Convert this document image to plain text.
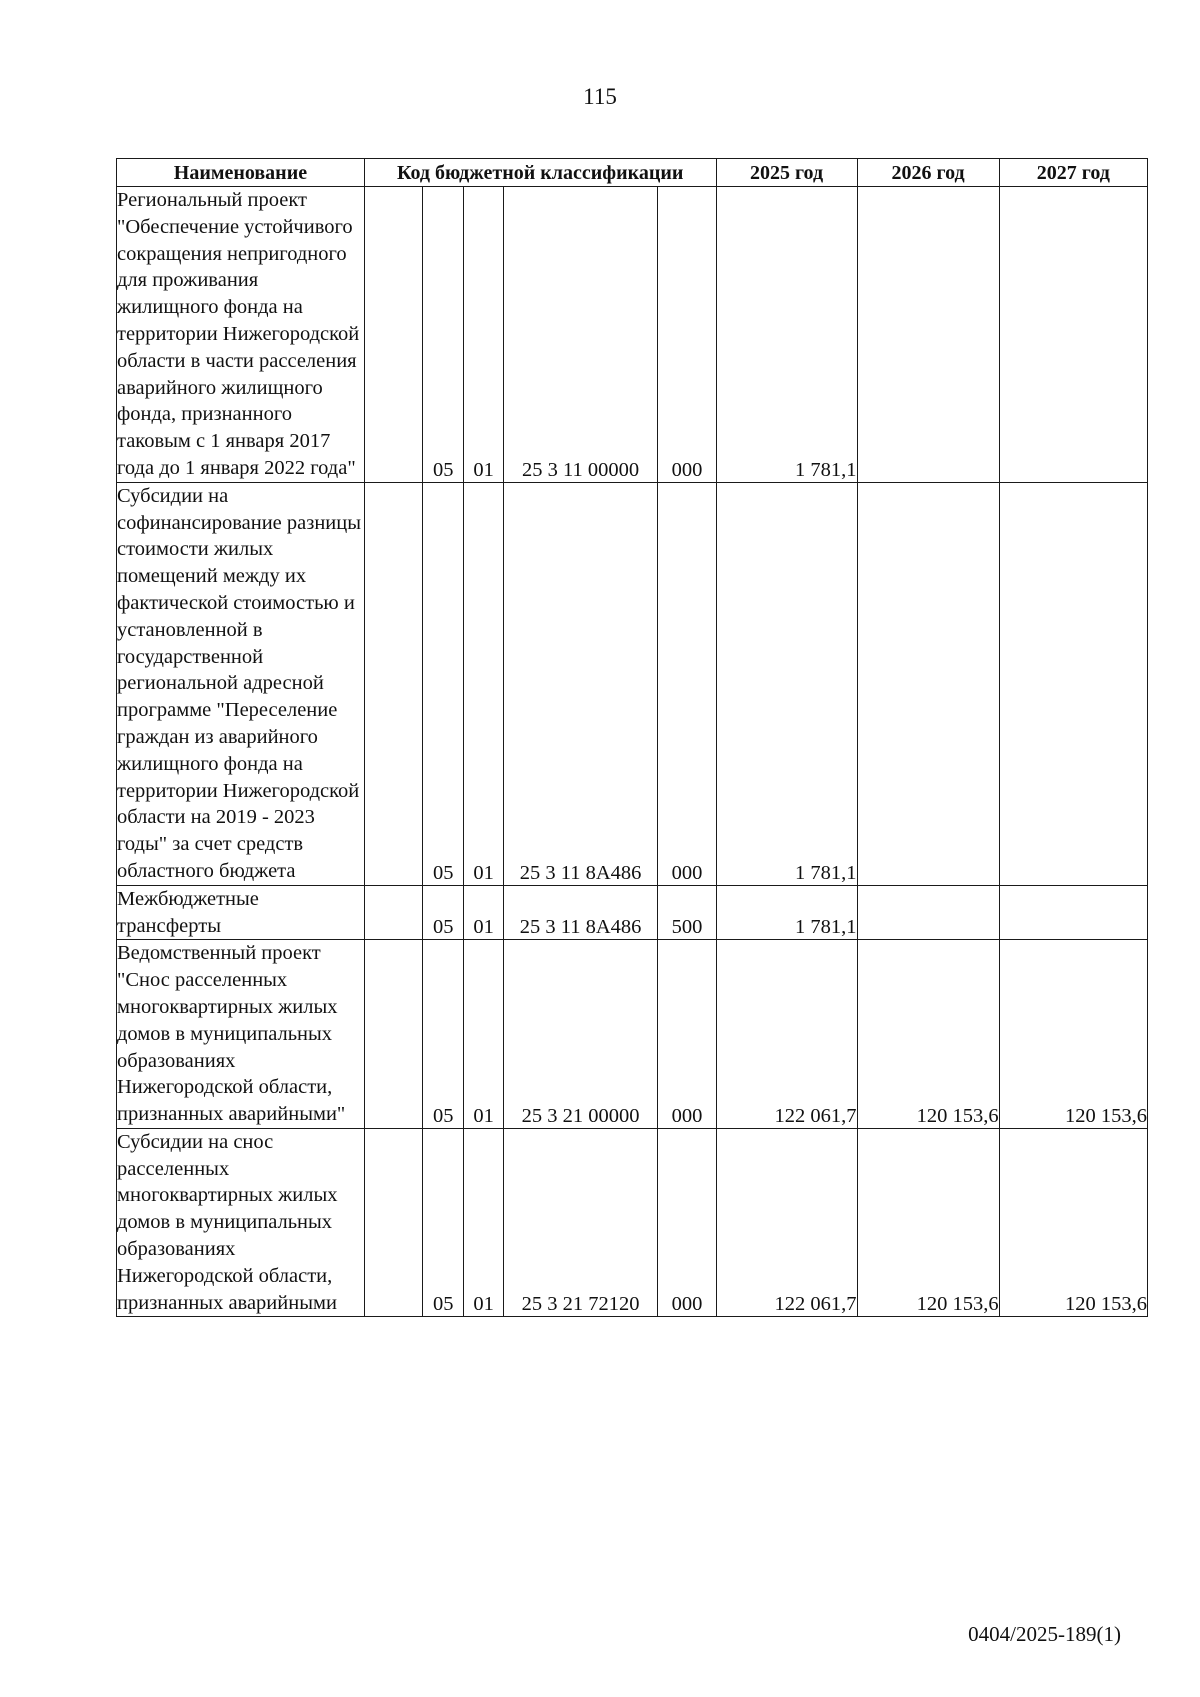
115
Наименование	Код бюджетной классификации					2025 год	2026 год	2027 год
Региональный проект "Обеспечение устойчивого сокращения непригодного для проживания жилищного фонда на территории Нижегородской области в части расселения аварийного жилищного фонда, признанного таковым с 1 января 2017 года до 1 января 2022 года"		05	01	25 3 11 00000	000	1 781,1		
Субсидии на софинансирование разницы стоимости жилых помещений между их фактической стоимостью и установленной в государственной региональной адресной программе "Переселение граждан из аварийного жилищного фонда на территории Нижегородской области на 2019 - 2023 годы" за счет средств областного бюджета		05	01	25 3 11 8А486	000	1 781,1		
Межбюджетные трансферты		05	01	25 3 11 8А486	500	1 781,1		
Ведомственный проект "Снос расселенных многоквартирных жилых домов в муниципальных образованиях Нижегородской области, признанных аварийными"		05	01	25 3 21 00000	000	122 061,7	120 153,6	120 153,6
Субсидии на снос расселенных многоквартирных жилых домов в муниципальных образованиях Нижегородской области, признанных аварийными		05	01	25 3 21 72120	000	122 061,7	120 153,6	120 153,6
0404/2025-189(1)
